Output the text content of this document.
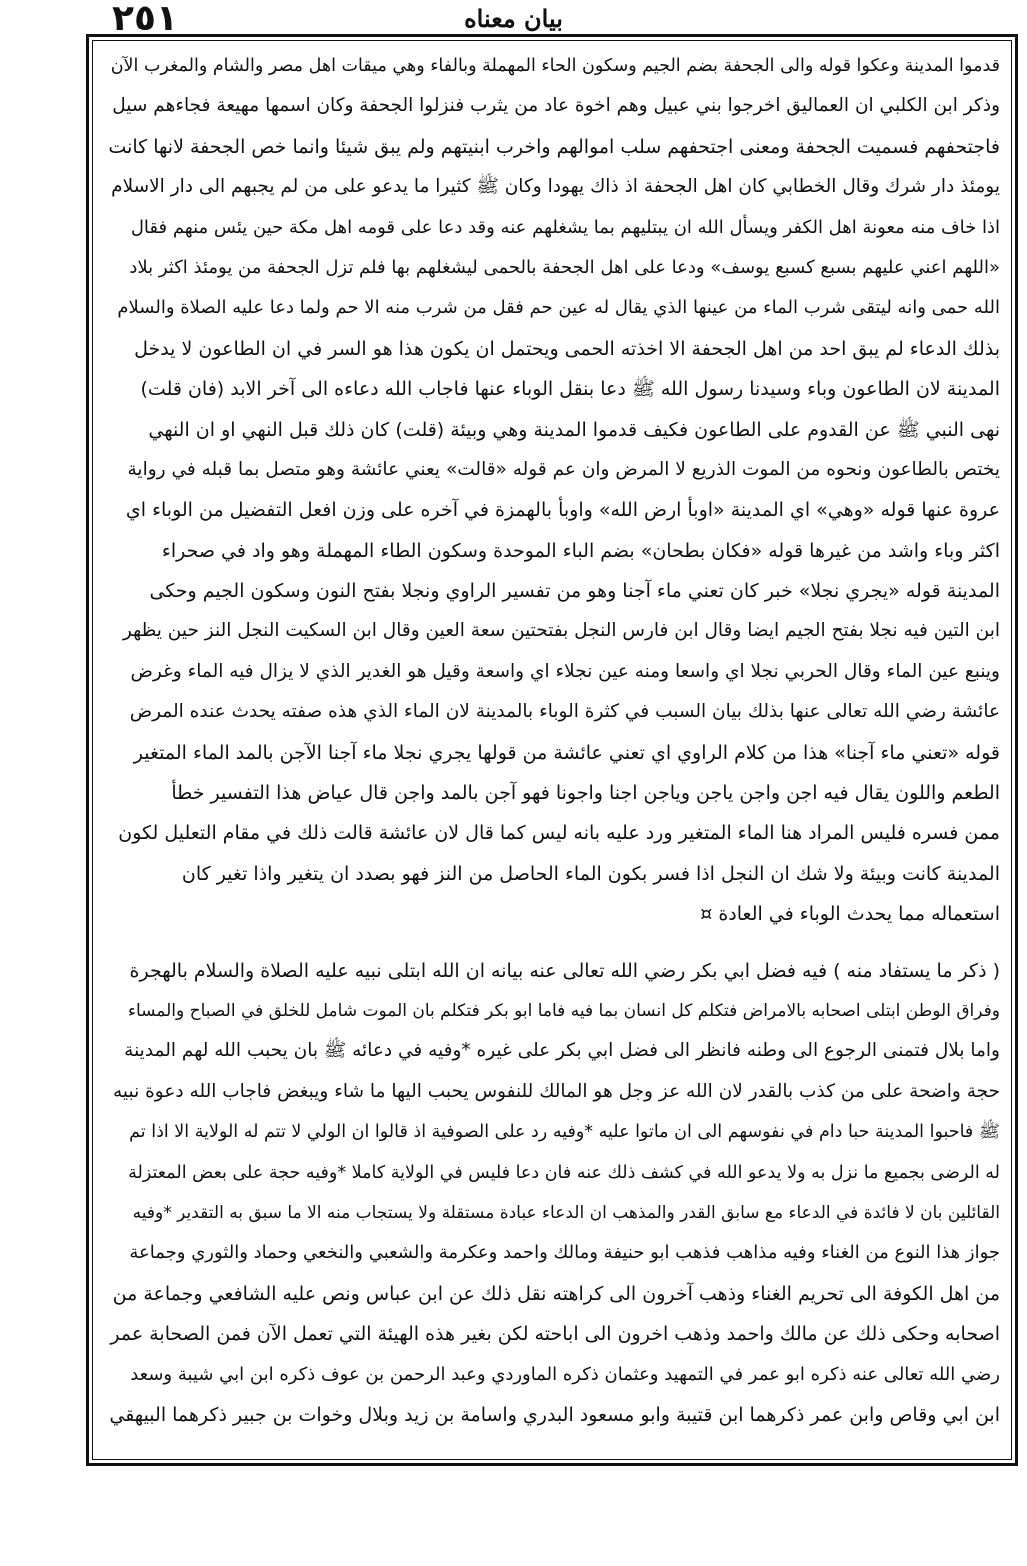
٢٥١	بيان معناه
قدموا المدينة وعكوا قوله والى الجحفة بضم الجيم وسكون الحاء المهملة وبالفاء وهي ميقات اهل مصر والشام والمغرب الآن
وذكر ابن الكلبي ان العماليق اخرجوا بني عبيل وهم اخوة عاد من يثرب فنزلوا الجحفة وكان اسمها مهيعة فجاءهم سيل
فاجتحفهم فسميت الجحفة ومعنى اجتحفهم سلب اموالهم واخرب ابنيتهم ولم يبق شيئا وانما خص الجحفة لانها كانت
يومئذ دار شرك وقال الخطابي كان اهل الجحفة اذ ذاك يهودا وكان ﷺ كثيرا ما يدعو على من لم يجبهم الى دار الاسلام
اذا خاف منه معونة اهل الكفر ويسأل الله ان يبتليهم بما يشغلهم عنه وقد دعا على قومه اهل مكة حين يئس منهم فقال
«اللهم اعني عليهم بسبع كسبع يوسف» ودعا على اهل الجحفة بالحمى ليشغلهم بها فلم تزل الجحفة من يومئذ اكثر بلاد
الله حمى وانه ليتقى شرب الماء من عينها الذي يقال له عين حم فقل من شرب منه الا حم ولما دعا عليه الصلاة والسلام
بذلك الدعاء لم يبق احد من اهل الجحفة الا اخذته الحمى ويحتمل ان يكون هذا هو السر في ان الطاعون لا يدخل
المدينة لان الطاعون وباء وسيدنا رسول الله ﷺ دعا بنقل الوباء عنها فاجاب الله دعاءه الى آخر الابد (فان قلت)
نهى النبي ﷺ عن القدوم على الطاعون فكيف قدموا المدينة وهي وبيئة (قلت) كان ذلك قبل النهي او ان النهي
يختص بالطاعون ونحوه من الموت الذريع لا المرض وان عم قوله «قالت» يعني عائشة وهو متصل بما قبله في رواية
عروة عنها قوله «وهي» اي المدينة «اوبأ ارض الله» واوبأ بالهمزة في آخره على وزن افعل التفضيل من الوباء اي
اكثر وباء واشد من غيرها قوله «فكان بطحان» بضم الباء الموحدة وسكون الطاء المهملة وهو واد في صحراء
المدينة قوله «يجري نجلا» خبر كان تعني ماء آجنا وهو من تفسير الراوي ونجلا بفتح النون وسكون الجيم وحكى
ابن التين فيه نجلا بفتح الجيم ايضا وقال ابن فارس النجل بفتحتين سعة العين وقال ابن السكيت النجل النز حين يظهر
وينبع عين الماء وقال الحربي نجلا اي واسعا ومنه عين نجلاء اي واسعة وقيل هو الغدير الذي لا يزال فيه الماء وغرض
عائشة رضي الله تعالى عنها بذلك بيان السبب في كثرة الوباء بالمدينة لان الماء الذي هذه صفته يحدث عنده المرض
قوله «تعني ماء آجنا» هذا من كلام الراوي اي تعني عائشة من قولها يجري نجلا ماء آجنا الآجن بالمد الماء المتغير
الطعم واللون يقال فيه اجن واجن ياجن وياجن اجنا واجونا فهو آجن بالمد واجن قال عياض هذا التفسير خطأ
ممن فسره فليس المراد هنا الماء المتغير ورد عليه بانه ليس كما قال لان عائشة قالت ذلك في مقام التعليل لكون
المدينة كانت وبيئة ولا شك ان النجل اذا فسر بكون الماء الحاصل من النز فهو بصدد ان يتغير واذا تغير كان
استعماله مما يحدث الوباء في العادة ¤
( ذكر ما يستفاد منه ) فيه فضل ابي بكر رضي الله تعالى عنه بيانه ان الله ابتلى نبيه عليه الصلاة والسلام بالهجرة
وفراق الوطن ابتلى اصحابه بالامراض فتكلم كل انسان بما فيه فاما ابو بكر فتكلم بان الموت شامل للخلق في الصباح والمساء
واما بلال فتمنى الرجوع الى وطنه فانظر الى فضل ابي بكر على غيره *وفيه في دعائه ﷺ بان يحبب الله لهم المدينة
حجة واضحة على من كذب بالقدر لان الله عز وجل هو المالك للنفوس يحبب اليها ما شاء ويبغض فاجاب الله دعوة نبيه
ﷺ فاحبوا المدينة حبا دام في نفوسهم الى ان ماتوا عليه *وفيه رد على الصوفية اذ قالوا ان الولي لا تتم له الولاية الا اذا تم
له الرضى بجميع ما نزل به ولا يدعو الله في كشف ذلك عنه فان دعا فليس في الولاية كاملا *وفيه حجة على بعض المعتزلة
القائلين بان لا فائدة في الدعاء مع سابق القدر والمذهب ان الدعاء عبادة مستقلة ولا يستجاب منه الا ما سبق به التقدير *وفيه
جواز هذا النوع من الغناء وفيه مذاهب فذهب ابو حنيفة ومالك واحمد وعكرمة والشعبي والنخعي وحماد والثوري وجماعة
من اهل الكوفة الى تحريم الغناء وذهب آخرون الى كراهته نقل ذلك عن ابن عباس ونص عليه الشافعي وجماعة من
اصحابه وحكى ذلك عن مالك واحمد وذهب اخرون الى اباحته لكن بغير هذه الهيئة التي تعمل الآن فمن الصحابة عمر
رضي الله تعالى عنه ذكره ابو عمر في التمهيد وعثمان ذكره الماوردي وعبد الرحمن بن عوف ذكره ابن ابي شيبة وسعد
ابن ابي وقاص وابن عمر ذكرهما ابن قتيبة وابو مسعود البدري واسامة بن زيد وبلال وخوات بن جبير ذكرهما البيهقي
